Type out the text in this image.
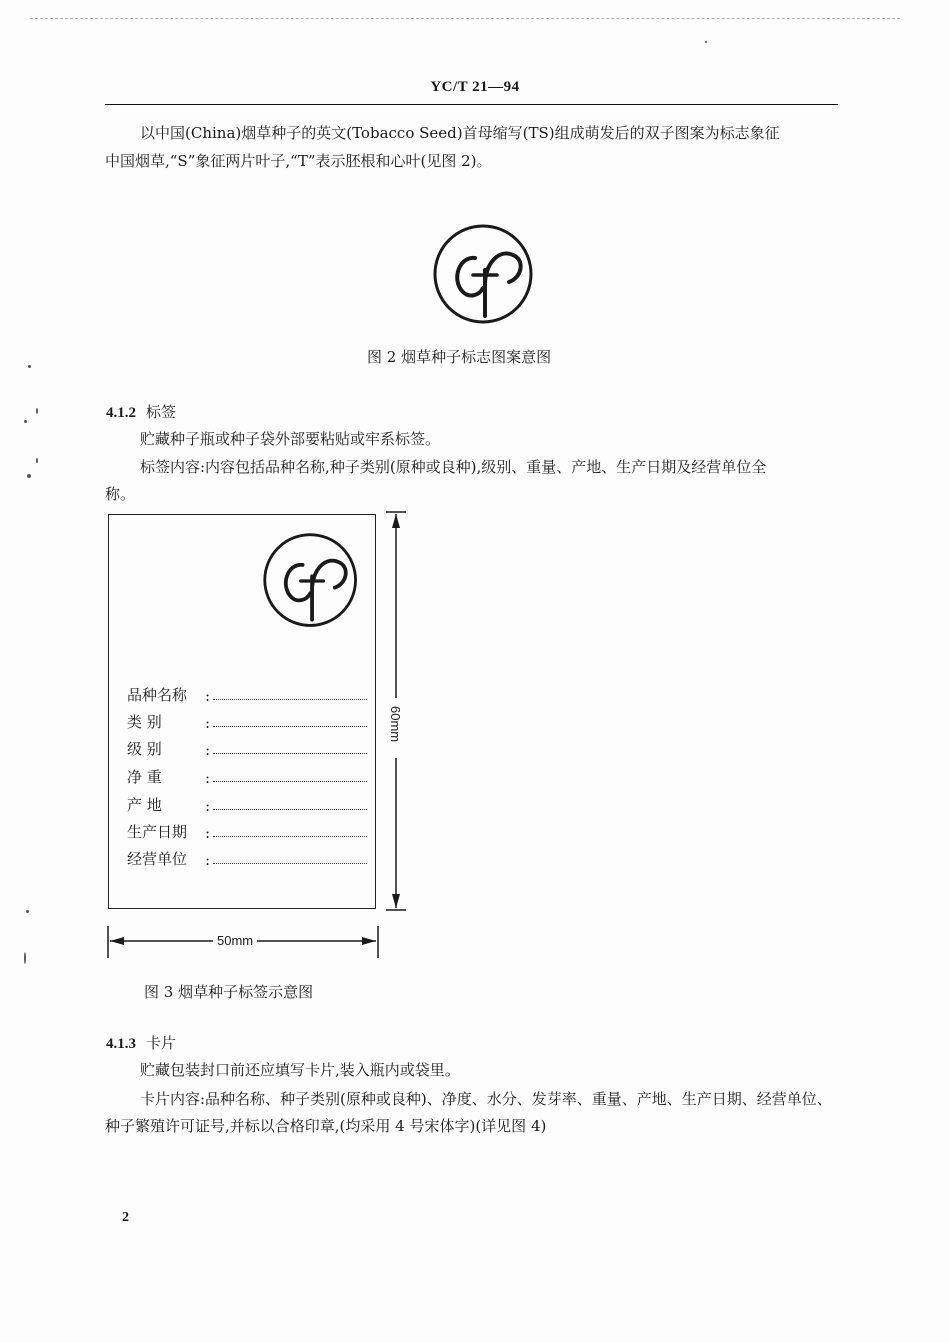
YC/T 21—94
以中国(China)烟草种子的英文(Tobacco Seed)首母缩写(TS)组成萌发后的双子图案为标志象征
中国烟草,“S”象征两片叶子,“T”表示胚根和心叶(见图 2)。
图 2 烟草种子标志图案意图
4.1.2 标签
贮藏种子瓶或种子袋外部要粘贴或牢系标签。
标签内容:内容包括品种名称,种子类别(原种或良种),级别、重量、产地、生产日期及经营单位全
称。
品种名称	:
类 别	:
级 别	:
净 重	:
产 地	:
生产日期	:
经营单位	:
60mm
50mm
图 3 烟草种子标签示意图
4.1.3 卡片
贮藏包装封口前还应填写卡片,装入瓶内或袋里。
卡片内容:品种名称、种子类别(原种或良种)、净度、水分、发芽率、重量、产地、生产日期、经营单位、
种子繁殖许可证号,并标以合格印章,(均采用 4 号宋体字)(详见图 4)
2
